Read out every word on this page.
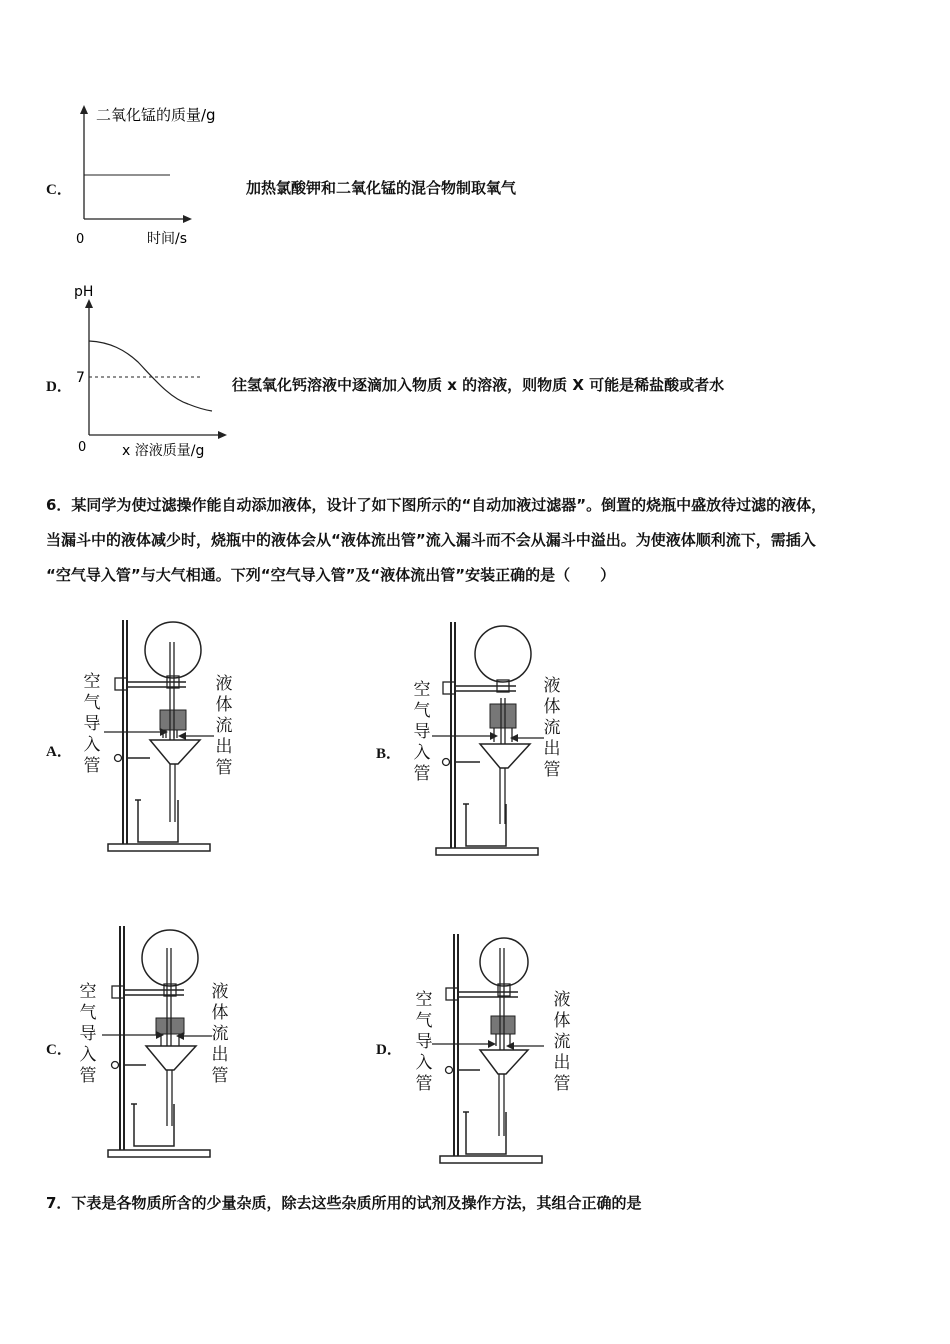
C．
二氧化锰的质量/g
0	时间/s
加热氯酸钾和二氧化锰的混合物制取氧气
D．
pH
7
0	x 溶液质量/g
往氢氧化钙溶液中逐滴加入物质 x 的溶液，则物质 X 可能是稀盐酸或者水
6．某同学为使过滤操作能自动添加液体，设计了如下图所示的“自动加液过滤器”。倒置的烧瓶中盛放待过滤的液体，
当漏斗中的液体减少时，烧瓶中的液体会从“液体流出管”流入漏斗而不会从漏斗中溢出。为使液体顺利流下，需插入
“空气导入管”与大气相通。下列“空气导入管”及“液体流出管”安装正确的是（　　）
A．
空气导入管
液体流出管
B．
空气导入管
液体流出管
C．
空气导入管
液体流出管
D．
空气导入管
液体流出管
7．下表是各物质所含的少量杂质，除去这些杂质所用的试剂及操作方法，其组合正确的是
